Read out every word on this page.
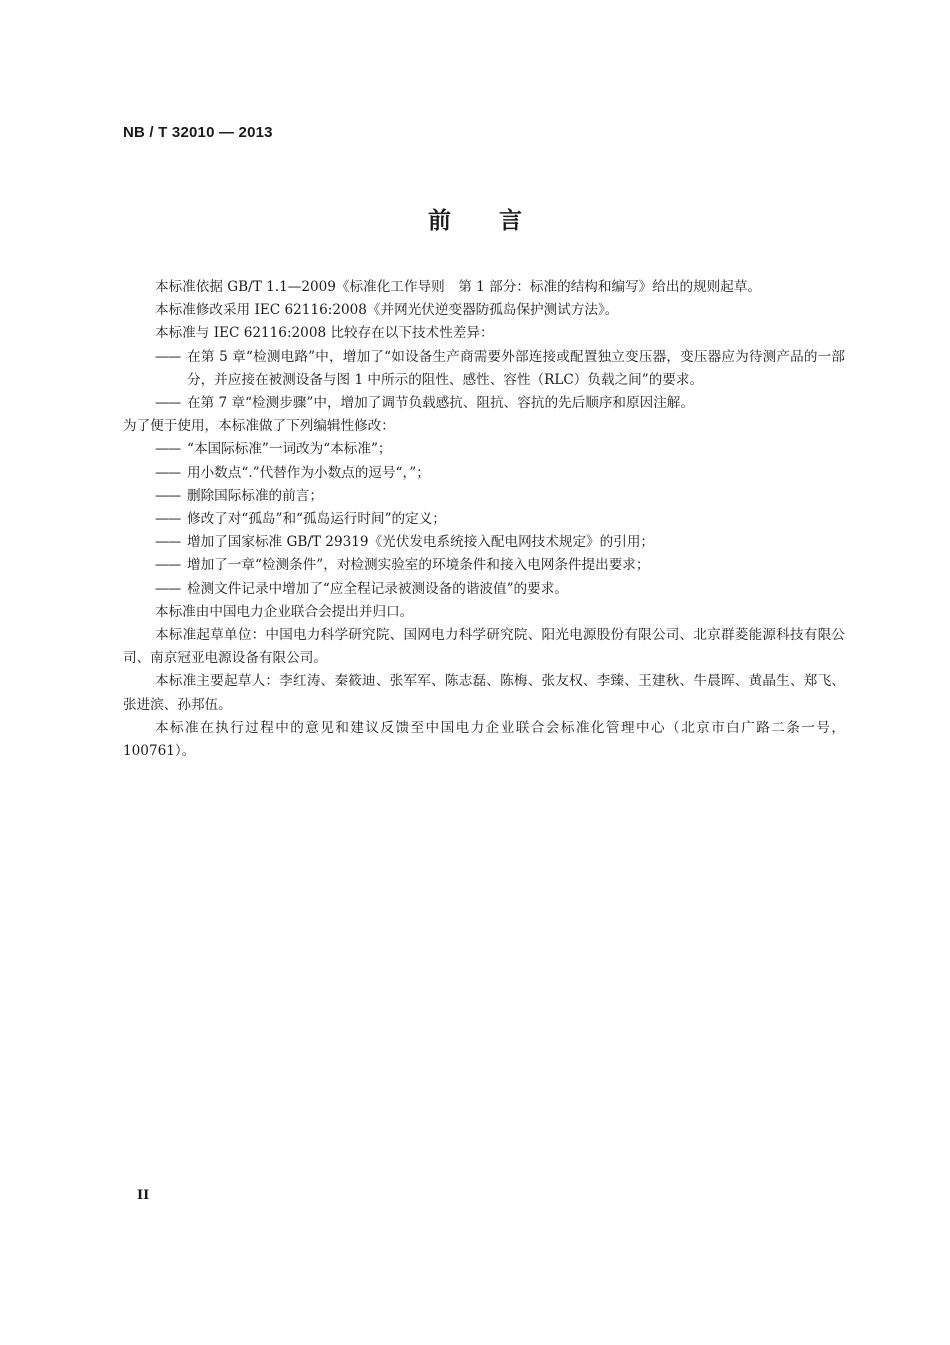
NB / T 32010 — 2013
前言

本标准依据 GB/T 1.1—2009《标准化工作导则　第 1 部分：标准的结构和编写》给出的规则起草。

本标准修改采用 IEC 62116:2008《并网光伏逆变器防孤岛保护测试方法》。

本标准与 IEC 62116:2008 比较存在以下技术性差异：

—— 在第 5 章“检测电路”中，增加了“如设备生产商需要外部连接或配置独立变压器，变压器应为待测产品的一部分，并应接在被测设备与图 1 中所示的阻性、感性、容性（RLC）负载之间”的要求。

—— 在第 7 章“检测步骤”中，增加了调节负载感抗、阻抗、容抗的先后顺序和原因注解。

为了便于使用，本标准做了下列编辑性修改：

—— “本国际标准”一词改为“本标准”；

—— 用小数点“.”代替作为小数点的逗号“，”；

—— 删除国际标准的前言；

—— 修改了对“孤岛”和“孤岛运行时间”的定义；

—— 增加了国家标准 GB/T 29319《光伏发电系统接入配电网技术规定》的引用；

—— 增加了一章“检测条件”，对检测实验室的环境条件和接入电网条件提出要求；

—— 检测文件记录中增加了“应全程记录被测设备的谐波值”的要求。

本标准由中国电力企业联合会提出并归口。

本标准起草单位：中国电力科学研究院、国网电力科学研究院、阳光电源股份有限公司、北京群菱能源科技有限公司、南京冠亚电源设备有限公司。

本标准主要起草人：李红涛、秦筱迪、张军军、陈志磊、陈梅、张友权、李臻、王建秋、牛晨晖、黄晶生、郑飞、张进滨、孙邦伍。

本标准在执行过程中的意见和建议反馈至中国电力企业联合会标准化管理中心（北京市白广路二条一号，100761）。

II
